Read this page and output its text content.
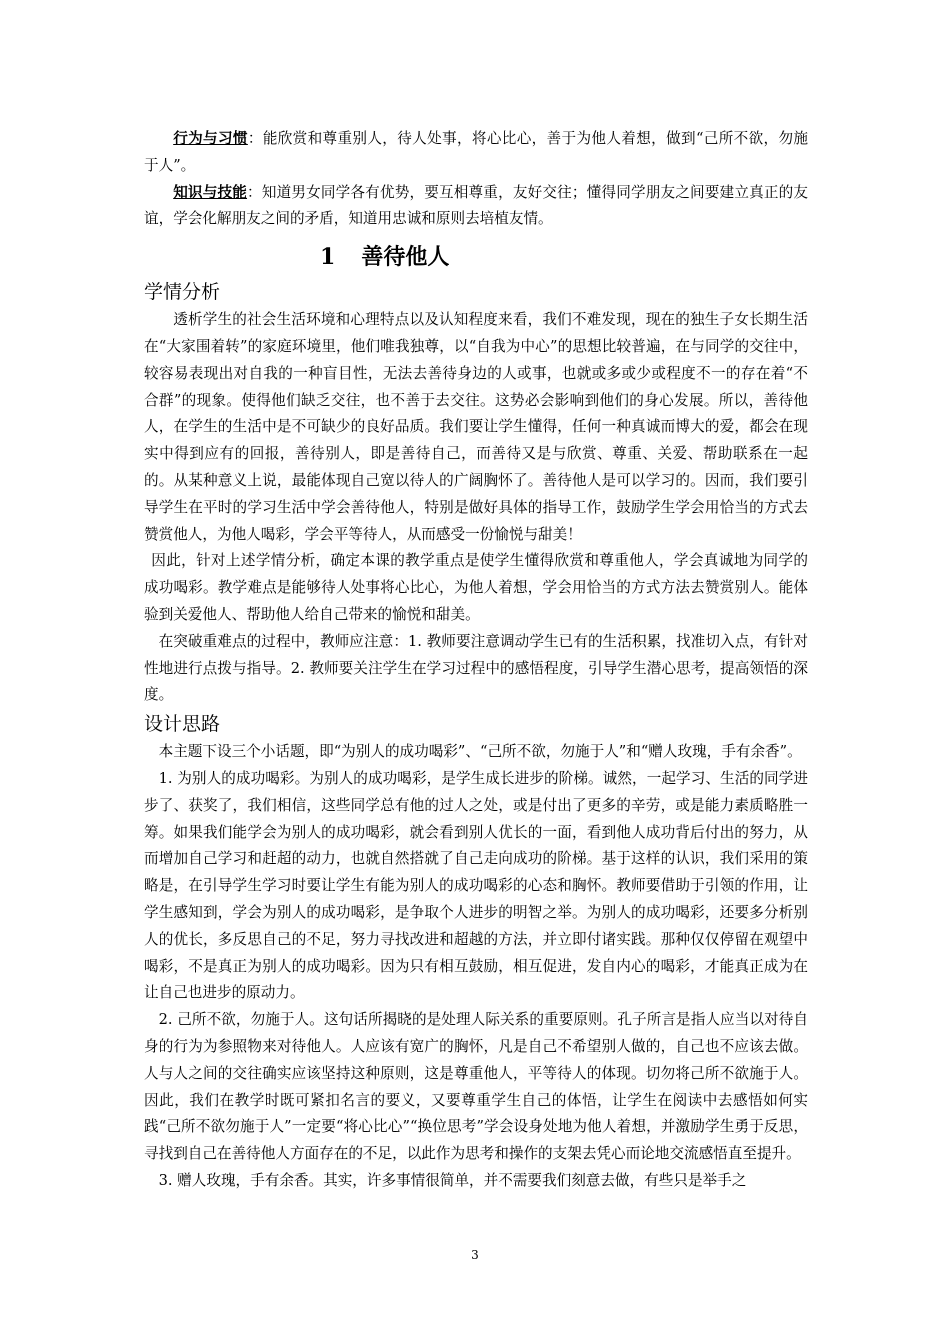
行为与习惯：能欣赏和尊重别人，待人处事，将心比心，善于为他人着想，做到“己所不欲，勿施于人”。

知识与技能：知道男女同学各有优势，要互相尊重，友好交往；懂得同学朋友之间要建立真正的友谊，学会化解朋友之间的矛盾，知道用忠诚和原则去培植友情。

1 善待他人
学情分析

透析学生的社会生活环境和心理特点以及认知程度来看，我们不难发现，现在的独生子女长期生活在“大家围着转”的家庭环境里，他们唯我独尊，以“自我为中心”的思想比较普遍，在与同学的交往中，较容易表现出对自我的一种盲目性，无法去善待身边的人或事，也就或多或少或程度不一的存在着“不合群”的现象。使得他们缺乏交往，也不善于去交往。这势必会影响到他们的身心发展。所以，善待他人，在学生的生活中是不可缺少的良好品质。我们要让学生懂得，任何一种真诚而博大的爱，都会在现实中得到应有的回报，善待别人，即是善待自己，而善待又是与欣赏、尊重、关爱、帮助联系在一起的。从某种意义上说，最能体现自己宽以待人的广阔胸怀了。善待他人是可以学习的。因而，我们要引导学生在平时的学习生活中学会善待他人，特别是做好具体的指导工作，鼓励学生学会用恰当的方式去赞赏他人，为他人喝彩，学会平等待人，从而感受一份愉悦与甜美！

因此，针对上述学情分析，确定本课的教学重点是使学生懂得欣赏和尊重他人，学会真诚地为同学的成功喝彩。教学难点是能够待人处事将心比心，为他人着想，学会用恰当的方式方法去赞赏别人。能体验到关爱他人、帮助他人给自己带来的愉悦和甜美。

在突破重难点的过程中，教师应注意：1. 教师要注意调动学生已有的生活积累，找准切入点，有针对性地进行点拨与指导。2. 教师要关注学生在学习过程中的感悟程度，引导学生潜心思考，提高领悟的深度。

设计思路

本主题下设三个小话题，即“为别人的成功喝彩”、“己所不欲，勿施于人”和“赠人玫瑰，手有余香”。

1. 为别人的成功喝彩。为别人的成功喝彩，是学生成长进步的阶梯。诚然，一起学习、生活的同学进步了、获奖了，我们相信，这些同学总有他的过人之处，或是付出了更多的辛劳，或是能力素质略胜一筹。如果我们能学会为别人的成功喝彩，就会看到别人优长的一面，看到他人成功背后付出的努力，从而增加自己学习和赶超的动力，也就自然搭就了自己走向成功的阶梯。基于这样的认识，我们采用的策略是，在引导学生学习时要让学生有能为别人的成功喝彩的心态和胸怀。教师要借助于引领的作用，让学生感知到，学会为别人的成功喝彩，是争取个人进步的明智之举。为别人的成功喝彩，还要多分析别人的优长，多反思自己的不足，努力寻找改进和超越的方法，并立即付诸实践。那种仅仅停留在观望中喝彩，不是真正为别人的成功喝彩。因为只有相互鼓励，相互促进，发自内心的喝彩，才能真正成为在让自己也进步的原动力。

2. 己所不欲，勿施于人。这句话所揭晓的是处理人际关系的重要原则。孔子所言是指人应当以对待自身的行为为参照物来对待他人。人应该有宽广的胸怀，凡是自己不希望别人做的，自己也不应该去做。人与人之间的交往确实应该坚持这种原则，这是尊重他人，平等待人的体现。切勿将己所不欲施于人。因此，我们在教学时既可紧扣名言的要义，又要尊重学生自己的体悟，让学生在阅读中去感悟如何实践“己所不欲勿施于人”一定要“将心比心”“换位思考”学会设身处地为他人着想，并激励学生勇于反思，寻找到自己在善待他人方面存在的不足，以此作为思考和操作的支架去凭心而论地交流感悟直至提升。

3. 赠人玫瑰，手有余香。其实，许多事情很简单，并不需要我们刻意去做，有些只是举手之

3
